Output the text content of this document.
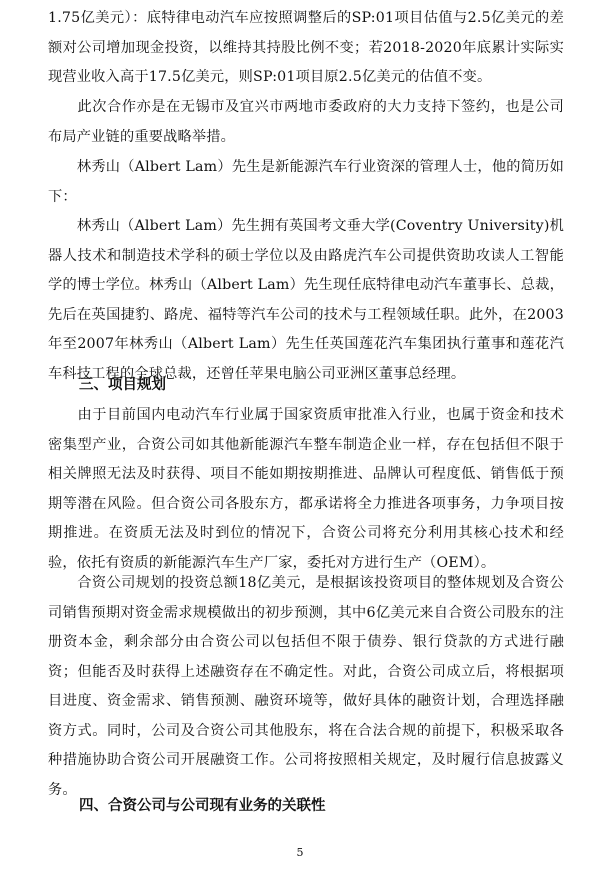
1.75亿美元）：底特律电动汽车应按照调整后的SP:01项目估值与2.5亿美元的差额对公司增加现金投资，以维持其持股比例不变；若2018-2020年底累计实际实现营业收入高于17.5亿美元，则SP:01项目原2.5亿美元的估值不变。

　　此次合作亦是在无锡市及宜兴市两地市委政府的大力支持下签约，也是公司布局产业链的重要战略举措。

　　林秀山（Albert Lam）先生是新能源汽车行业资深的管理人士，他的简历如下：

　　林秀山（Albert Lam）先生拥有英国考文垂大学(Coventry University)机器人技术和制造技术学科的硕士学位以及由路虎汽车公司提供资助攻读人工智能学的博士学位。林秀山（Albert Lam）先生现任底特律电动汽车董事长、总裁，先后在英国捷豹、路虎、福特等汽车公司的技术与工程领域任职。此外，在2003年至2007年林秀山（Albert Lam）先生任英国莲花汽车集团执行董事和莲花汽车科技工程的全球总裁，还曾任苹果电脑公司亚洲区董事总经理。

三、项目规划

　　由于目前国内电动汽车行业属于国家资质审批准入行业，也属于资金和技术密集型产业，合资公司如其他新能源汽车整车制造企业一样，存在包括但不限于相关牌照无法及时获得、项目不能如期按期推进、品牌认可程度低、销售低于预期等潜在风险。但合资公司各股东方，都承诺将全力推进各项事务，力争项目按期推进。在资质无法及时到位的情况下，合资公司将充分利用其核心技术和经验，依托有资质的新能源汽车生产厂家，委托对方进行生产（OEM）。

　　合资公司规划的投资总额18亿美元，是根据该投资项目的整体规划及合资公司销售预期对资金需求规模做出的初步预测，其中6亿美元来自合资公司股东的注册资本金，剩余部分由合资公司以包括但不限于债券、银行贷款的方式进行融资；但能否及时获得上述融资存在不确定性。对此，合资公司成立后，将根据项目进度、资金需求、销售预测、融资环境等，做好具体的融资计划，合理选择融资方式。同时，公司及合资公司其他股东，将在合法合规的前提下，积极采取各种措施协助合资公司开展融资工作。公司将按照相关规定，及时履行信息披露义务。

四、合资公司与公司现有业务的关联性
5
